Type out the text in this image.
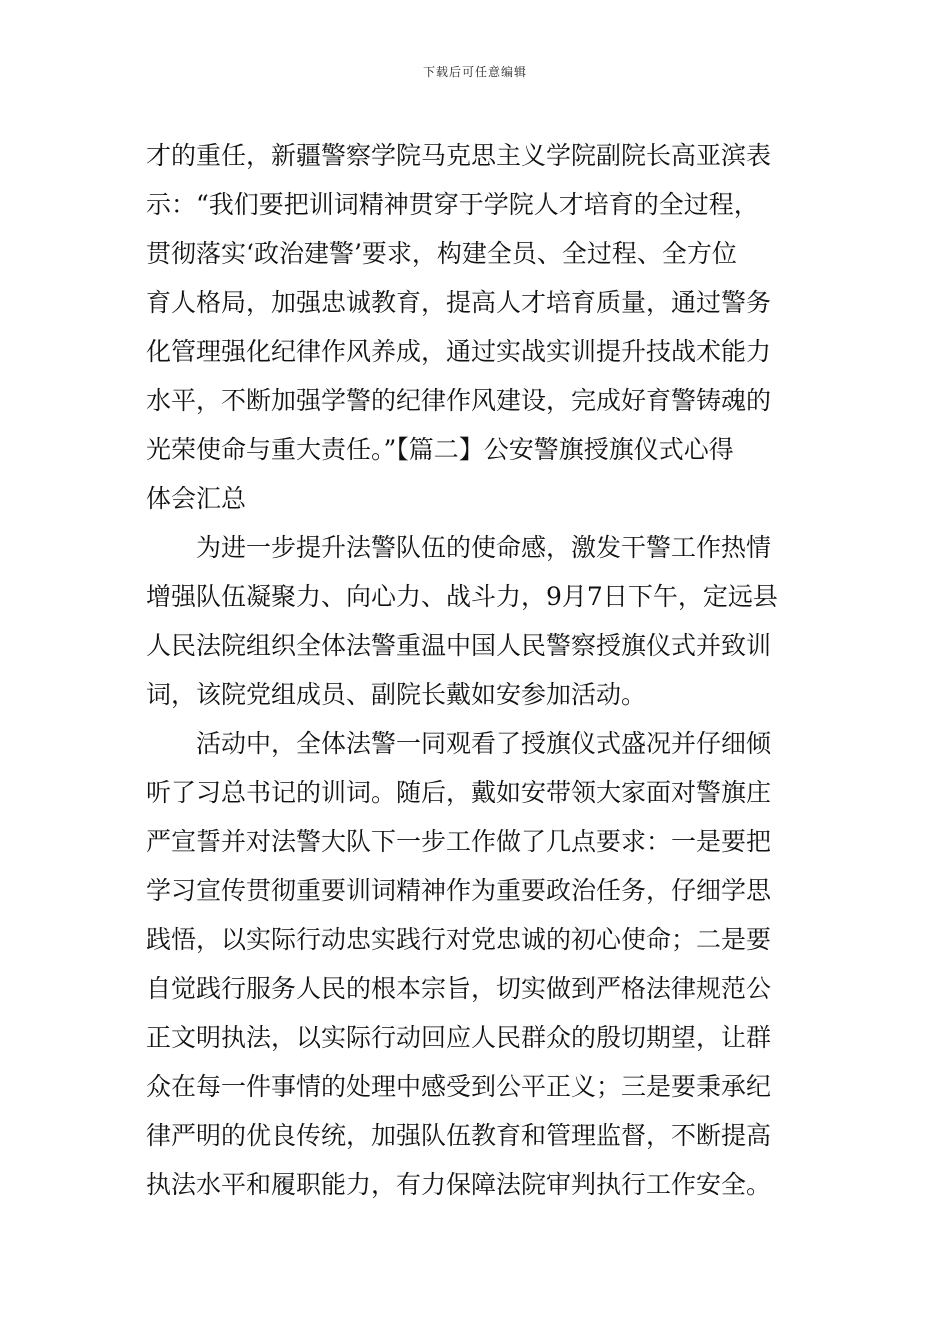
下载后可任意编辑
才的重任，新疆警察学院马克思主义学院副院长高亚滨表
示：“我们要把训词精神贯穿于学院人才培育的全过程，
贯彻落实‘政治建警’要求，构建全员、全过程、全方位
育人格局，加强忠诚教育，提高人才培育质量，通过警务
化管理强化纪律作风养成，通过实战实训提升技战术能力
水平，不断加强学警的纪律作风建设，完成好育警铸魂的
光荣使命与重大责任。”【篇二】公安警旗授旗仪式心得
体会汇总
　　为进一步提升法警队伍的使命感，激发干警工作热情
增强队伍凝聚力、向心力、战斗力，9月7日下午，定远县
人民法院组织全体法警重温中国人民警察授旗仪式并致训
词，该院党组成员、副院长戴如安参加活动。
　　活动中，全体法警一同观看了授旗仪式盛况并仔细倾
听了习总书记的训词。随后，戴如安带领大家面对警旗庄
严宣誓并对法警大队下一步工作做了几点要求：一是要把
学习宣传贯彻重要训词精神作为重要政治任务，仔细学思
践悟，以实际行动忠实践行对党忠诚的初心使命；二是要
自觉践行服务人民的根本宗旨，切实做到严格法律规范公
正文明执法，以实际行动回应人民群众的殷切期望，让群
众在每一件事情的处理中感受到公平正义；三是要秉承纪
律严明的优良传统，加强队伍教育和管理监督，不断提高
执法水平和履职能力，有力保障法院审判执行工作安全。
